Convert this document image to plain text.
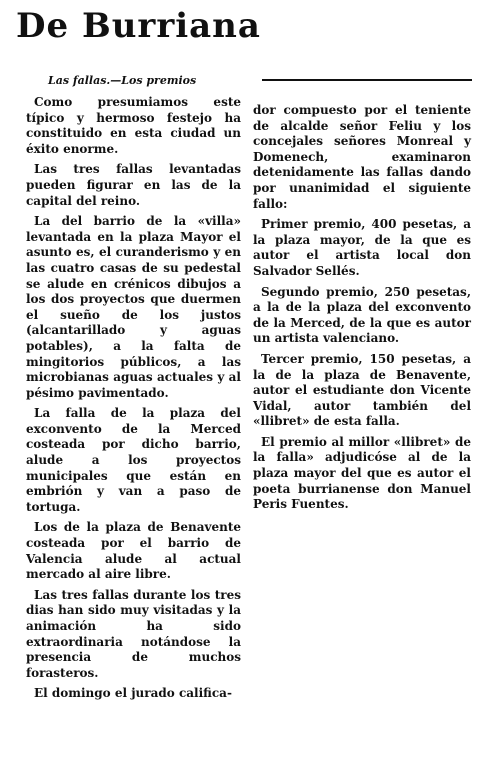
De Burriana
Las fallas.—Los premios

Como presumiamos este típico y hermoso festejo ha constituido en esta ciudad un éxito enorme.

Las tres fallas levantadas pueden figurar en las de la capital del reino.

La del barrio de la «villa» levantada en la plaza Mayor el asunto es, el curanderismo y en las cuatro casas de su pedestal se alude en crénicos dibujos a los dos proyectos que duermen el sueño de los justos (alcantarillado y aguas potables), a la falta de mingitorios públicos, a las microbianas aguas actuales y al pésimo pavimentado.

La falla de la plaza del exconvento de la Merced costeada por dicho barrio, alude a los proyectos municipales que están en embrión y van a paso de tortuga.

Los de la plaza de Benavente costeada por el barrio de Valencia alude al actual mercado al aire libre.

Las tres fallas durante los tres dias han sido muy visitadas y la animación ha sido extraordinaria notándose la presencia de muchos forasteros.

El domingo el jurado califica-

dor compuesto por el teniente de alcalde señor Feliu y los concejales señores Monreal y Domenech, examinaron detenidamente las fallas dando por unanimidad el siguiente fallo:

Primer premio, 400 pesetas, a la plaza mayor, de la que es autor el artista local don Salvador Sellés.

Segundo premio, 250 pesetas, a la de la plaza del exconvento de la Merced, de la que es autor un artista valenciano.

Tercer premio, 150 pesetas, a la de la plaza de Benavente, autor el estudiante don Vicente Vidal, autor también del «llibret» de esta falla.

El premio al millor «llibret» de la falla» adjudicóse al de la plaza mayor del que es autor el poeta burrianense don Manuel Peris Fuentes.
